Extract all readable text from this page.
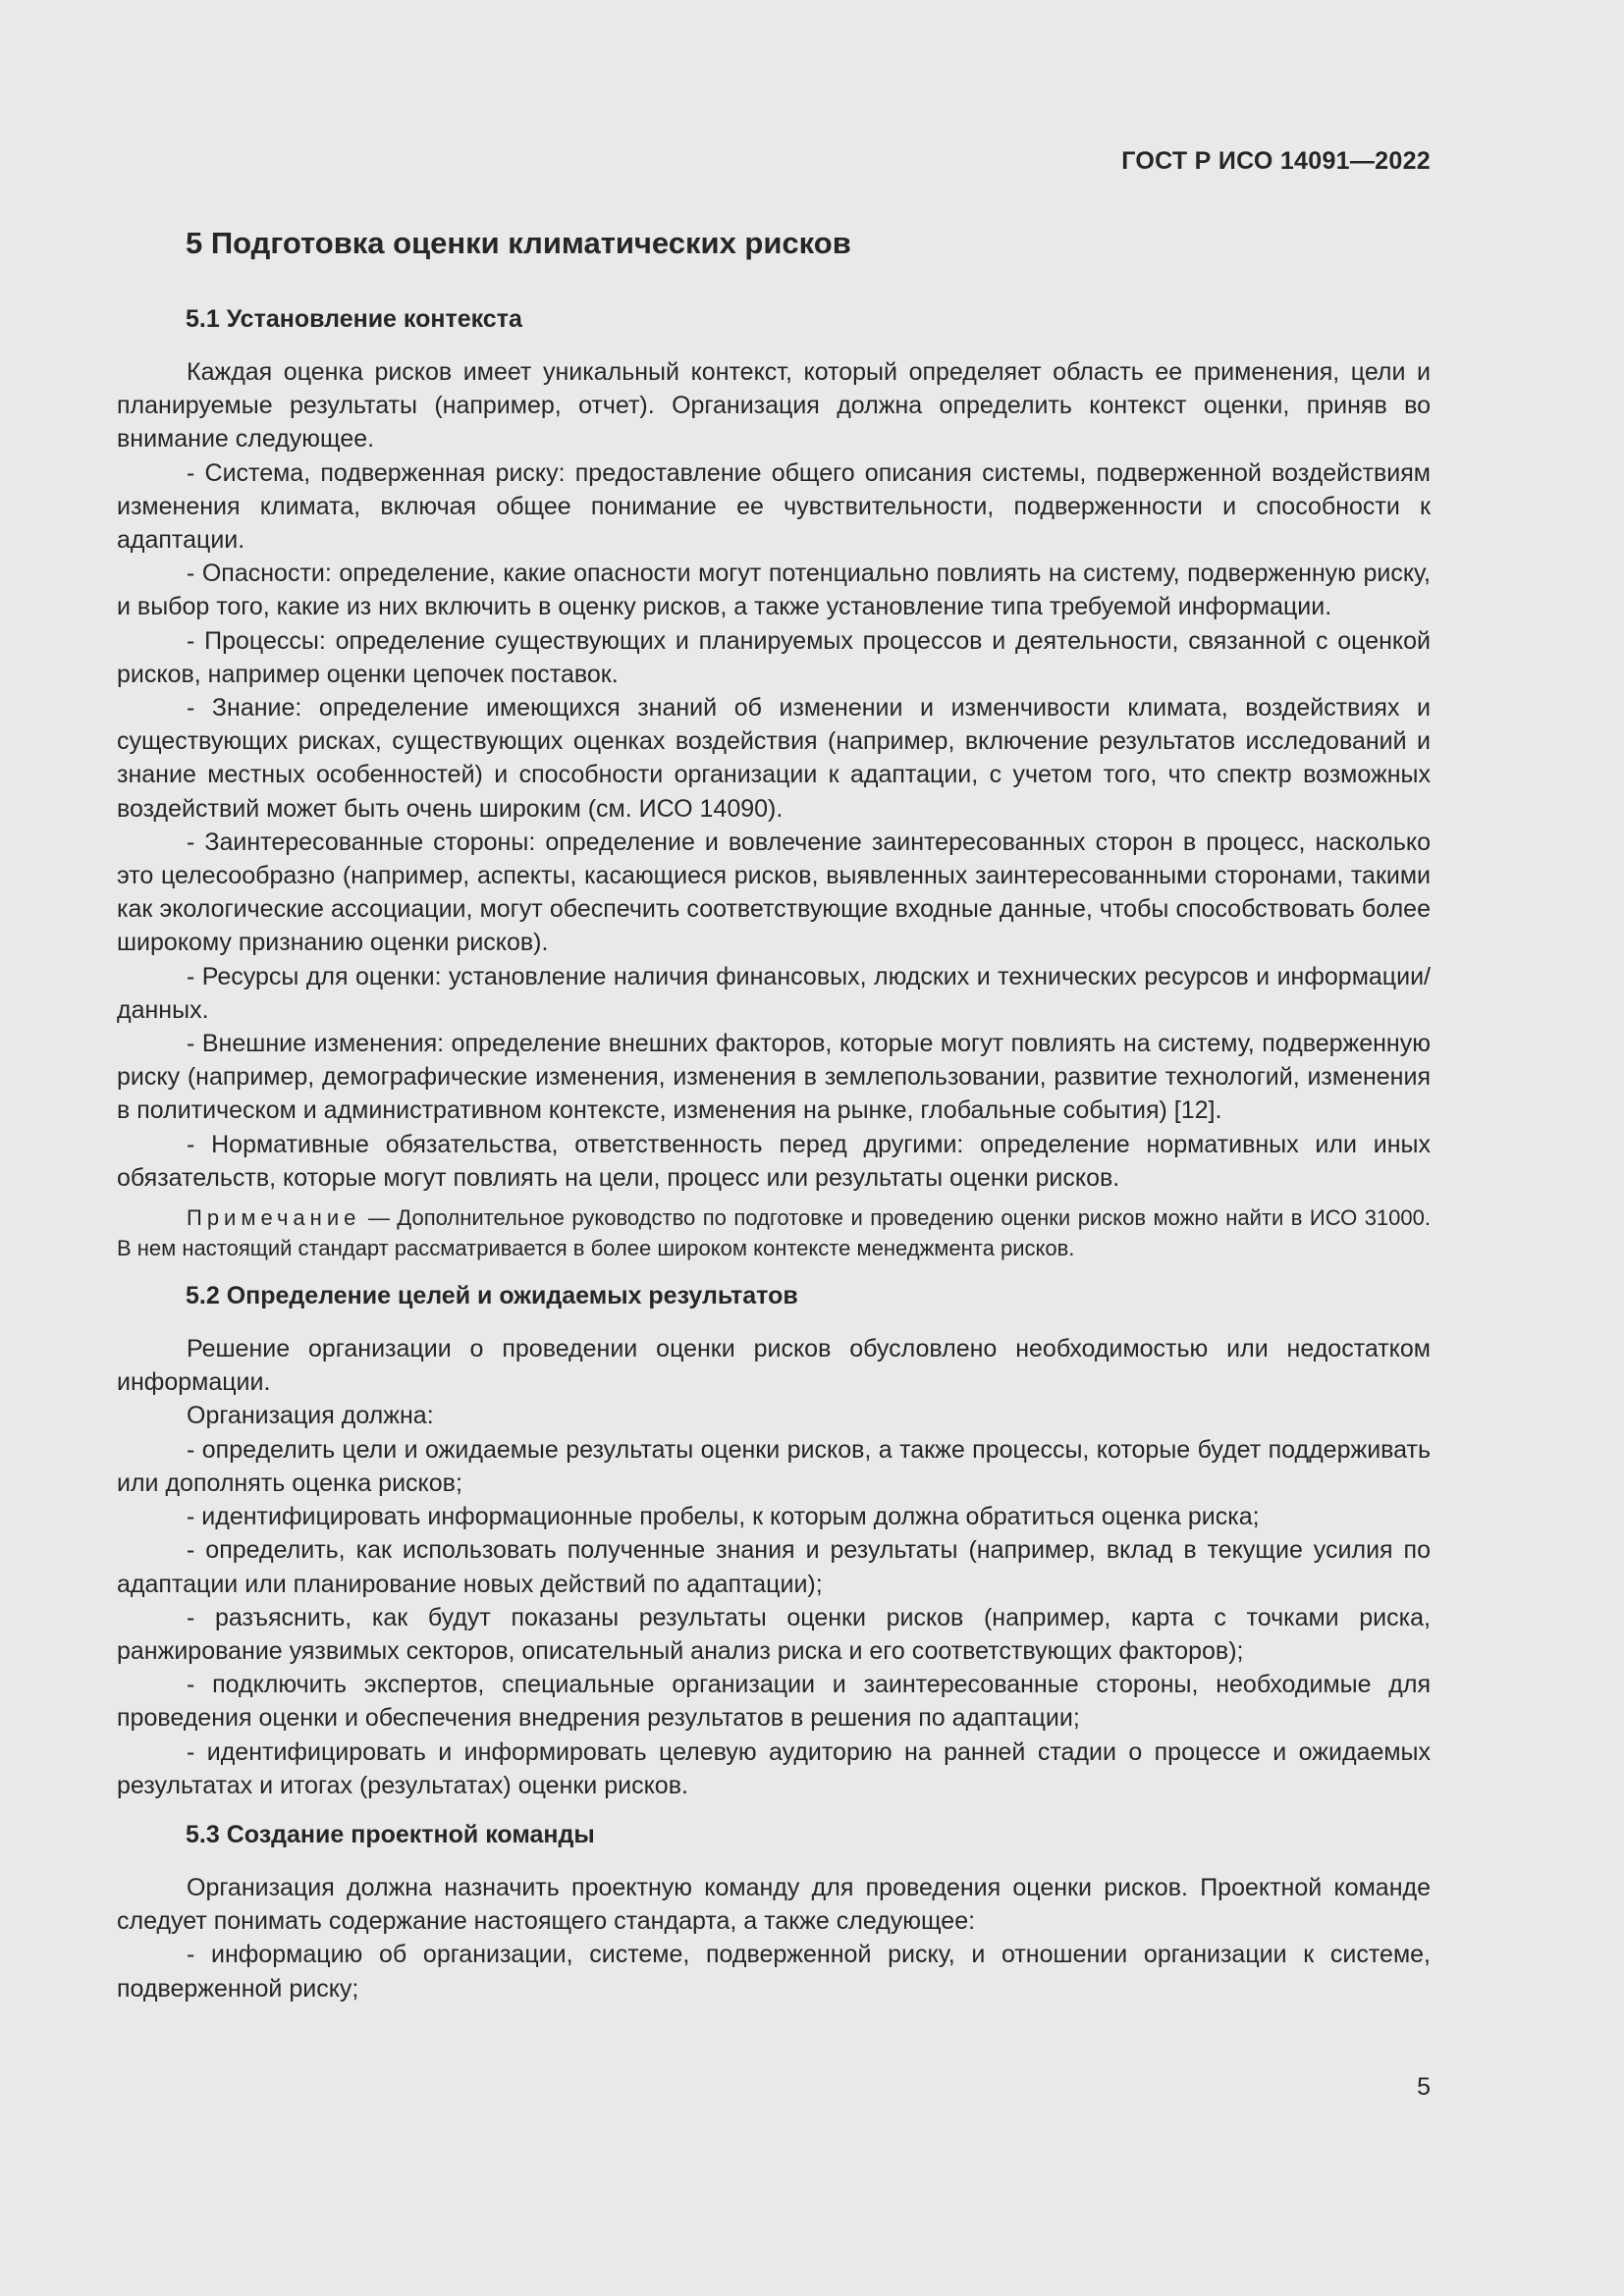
ГОСТ Р ИСО 14091—2022
5 Подготовка оценки климатических рисков
5.1 Установление контекста

Каждая оценка рисков имеет уникальный контекст, который определяет область ее применения, цели и планируемые результаты (например, отчет). Организация должна определить контекст оценки, приняв во внимание следующее.

- Система, подверженная риску: предоставление общего описания системы, подверженной воздействиям изменения климата, включая общее понимание ее чувствительности, подверженности и способности к адаптации.

- Опасности: определение, какие опасности могут потенциально повлиять на систему, подверженную риску, и выбор того, какие из них включить в оценку рисков, а также установление типа требуемой информации.

- Процессы: определение существующих и планируемых процессов и деятельности, связанной с оценкой рисков, например оценки цепочек поставок.

- Знание: определение имеющихся знаний об изменении и изменчивости климата, воздействиях и существующих рисках, существующих оценках воздействия (например, включение результатов исследований и знание местных особенностей) и способности организации к адаптации, с учетом того, что спектр возможных воздействий может быть очень широким (см. ИСО 14090).

- Заинтересованные стороны: определение и вовлечение заинтересованных сторон в процесс, насколько это целесообразно (например, аспекты, касающиеся рисков, выявленных заинтересованными сторонами, такими как экологические ассоциации, могут обеспечить соответствующие входные данные, чтобы способствовать более широкому признанию оценки рисков).

- Ресурсы для оценки: установление наличия финансовых, людских и технических ресурсов и информации/данных.

- Внешние изменения: определение внешних факторов, которые могут повлиять на систему, подверженную риску (например, демографические изменения, изменения в землепользовании, развитие технологий, изменения в политическом и административном контексте, изменения на рынке, глобальные события) [12].

- Нормативные обязательства, ответственность перед другими: определение нормативных или иных обязательств, которые могут повлиять на цели, процесс или результаты оценки рисков.

Примечание — Дополнительное руководство по подготовке и проведению оценки рисков можно найти в ИСО 31000. В нем настоящий стандарт рассматривается в более широком контексте менеджмента рисков.

5.2 Определение целей и ожидаемых результатов

Решение организации о проведении оценки рисков обусловлено необходимостью или недостатком информации.

Организация должна:

- определить цели и ожидаемые результаты оценки рисков, а также процессы, которые будет поддерживать или дополнять оценка рисков;

- идентифицировать информационные пробелы, к которым должна обратиться оценка риска;

- определить, как использовать полученные знания и результаты (например, вклад в текущие усилия по адаптации или планирование новых действий по адаптации);

- разъяснить, как будут показаны результаты оценки рисков (например, карта с точками риска, ранжирование уязвимых секторов, описательный анализ риска и его соответствующих факторов);

- подключить экспертов, специальные организации и заинтересованные стороны, необходимые для проведения оценки и обеспечения внедрения результатов в решения по адаптации;

- идентифицировать и информировать целевую аудиторию на ранней стадии о процессе и ожидаемых результатах и итогах (результатах) оценки рисков.

5.3 Создание проектной команды

Организация должна назначить проектную команду для проведения оценки рисков. Проектной команде следует понимать содержание настоящего стандарта, а также следующее:

- информацию об организации, системе, подверженной риску, и отношении организации к системе, подверженной риску;

5
